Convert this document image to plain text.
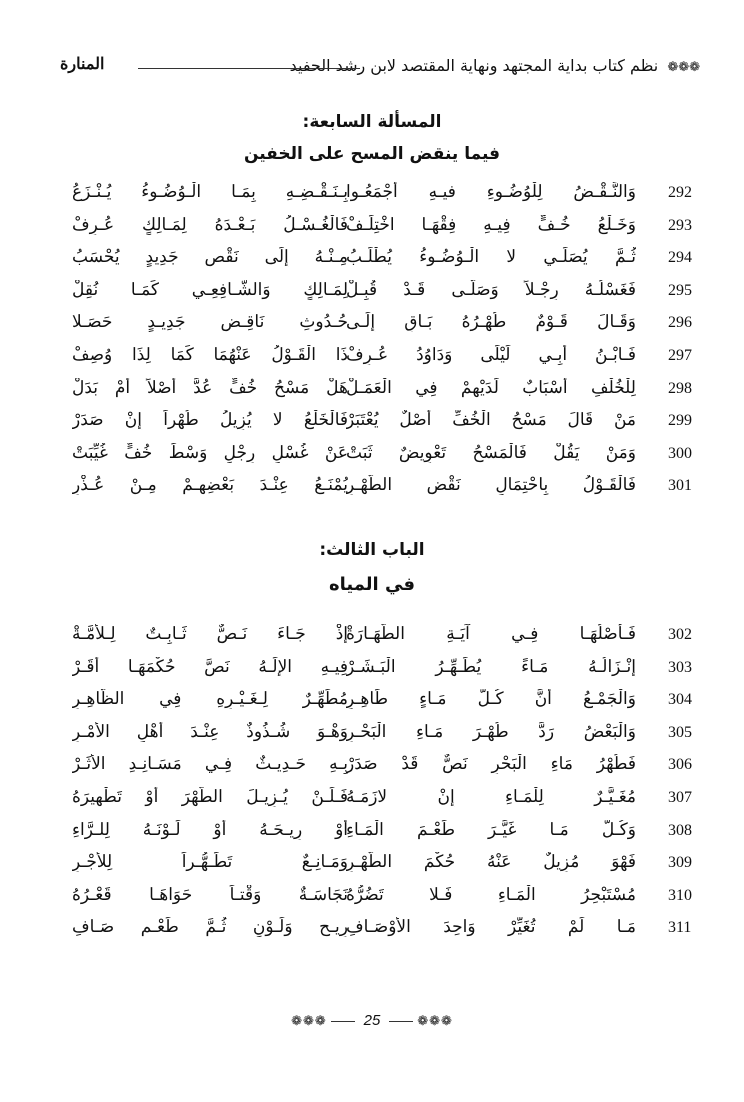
❁❁❁ نظم كتاب بداية المجتهد ونهاية المقتصد لابن رشد الحفيد
المنارة
المسألة السابعة:
فيما ينقض المسح على الخفين
292
وَالنَّـقْـضُ لِلْوُضُـوءِ فيـهِ أَجْمَعُـوا
بِـنَـقْـضِـهِ بِمَـا الْـوُضُـوءُ يُـنْـزَعُ
293
وَخَـلْعُ خُـفٍّ فِيـهِ فِقْهَـا اخْتِلَـفْ
فَالْغُـسْـلُ بَـعْـدَهُ لِمَـالِكٍ عُـرِفْ
294
ثُـمَّ يُصَلِّـي لا الْـوُضُـوءُ يُطْلَـبُ
مِـنْـهُ إِلَى نَقْصِ جَدِيدٍ يُحْسَبُ
295
فَغَسْلُـهُ رِجْـلاً وَصَلَّـى قَـدْ قُبِـلْ
لِمَـالِكٍ وَالشَّـافِعِـي كَمَـا نُقِلْ
296
وَقَـالَ قَـوْمٌ طُهْـرُهُ بَـاقٍ إِلَـى
حُـدُوثِ نَاقِـضٍ جَدِيـدٍ حَصَـلا
297
فَـابْـنُ أَبِـي لَيْلَى وَدَاوُدُ عُـرِفْ
ذَا الْقَـوْلُ عَنْهُمَا كَمَا لِذَا وُصِفْ
298
لِلْخُلْفِ أَسْبَابٌ لَدَيْهِمْ فِي الْعَمَـلْ
هَلْ مَسْحُ خُفٍّ عُدَّ أَصْلاً أَمْ بَدَلْ
299
مَنْ قَالَ مَسْحُ الْخُفِّ أَصْلٌ يُعْتَبَرْ
فَالْخَلْعُ لا يُزِيلُ طُهْراً إِنْ صَدَرْ
300
وَمَنْ يَقُلْ فَالْمَسْحُ تَعْوِيضٌ ثَبَتْ
عَنْ غُسْلِ رِجْلٍ وَسْطَ خُفٍّ غُيِّبَتْ
301
فَالْقَـوْلُ بِاحْتِمَالِ نَقْضِ الطُّهْـرِ
يُمْنَـعُ عِنْـدَ بَعْضِهِـمْ مِـنْ عُـذْرِ
الباب الثالث:
في المياه
302
فَـأَصْلُهَـا فِـي آيَـةِ الطَّهَـارَةْ
إِذْ جَـاءَ نَـصٌّ ثَـابِـتٌ لِـلأُمَّـةْ
303
إِنْـزَالُـهُ مَـاءً يُطَـهِّـرُ الْبَـشَـرْ
فِيـهِ الإِلَـهُ نَصَّ حُكْمَهَـا أَقَـرْ
304
وَالْجَمْـعُ أَنَّ كُـلَّ مَـاءٍ طَاهِـرٍ
مُطَهِّـرٌ لِـغَـيْـرِهِ فِي الظَّاهِـرِ
305
وَالْبَعْضُ رَدَّ طُهْـرَ مَـاءِ الْبَحْـرِ
وَهْـوَ شُـذُوذٌ عِنْـدَ أَهْلِ الأَمْـرِ
306
فَطُهْرُ مَاءِ الْبَحْرِ نَصٌّ قَدْ صَدَرْ
بِـهِ حَـدِيـثٌ فِـي مَسَـانِـدِ الأَثَـرْ
307
مُغَـيَّـرٌ لِلْمَـاءِ إِنْ لازَمَـهُ
فَـلَـنْ يُـزِيـلَ الطُّهْرَ أَوْ تَطْهِيرَهُ
308
وَكُـلُّ مَـا غَيَّـرَ طَعْـمَ الْمَـاءِ
أَوْ رِيـحَـهُ أَوْ لَـوْنَـهُ لِلـرَّاءِ
309
فَهْوَ مُزِيلٌ عَنْهُ حُكْمَ الطُّهْـرِ
وَمَـانِـعٌ تَطَـهُّـراً لِلأَجْـرِ
310
مُسْتَبْحِرُ الْمَـاءِ فَـلا تَضُرُّهُ
نَجَاسَـةٌ وَقْتـاً حَوَاهَـا قَعْـرُهُ
311
مَـا لَمْ تُغَيِّرْ وَاحِدَ الأَوْصَـافِ
رِيـحٍ وَلَـوْنٍ ثُـمَّ طَعْـمٍ صَـافِ
❁❁❁ 25	❁❁❁
